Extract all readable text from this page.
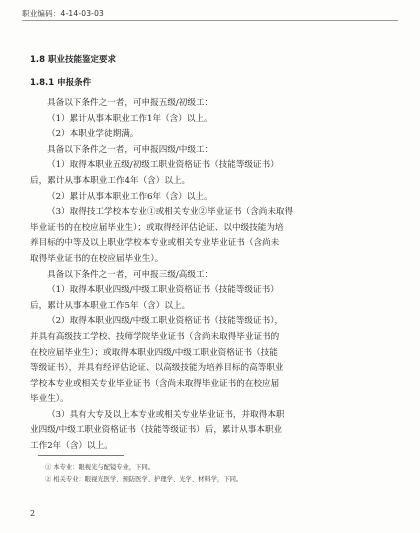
职业编码：4-14-03-03
1.8 职业技能鉴定要求
1.8.1 申报条件
具备以下条件之一者，可申报五级/初级工：
（1）累计从事本职业工作1年（含）以上。
（2）本职业学徒期满。
具备以下条件之一者，可申报四级/中级工：
（1）取得本职业五级/初级工职业资格证书（技能等级证书）
后，累计从事本职业工作4年（含）以上。
（2）累计从事本职业工作6年（含）以上。
（3）取得技工学校本专业①或相关专业②毕业证书（含尚未取得
毕业证书的在校应届毕业生）；或取得经评估论证、以中级技能为培
养目标的中等及以上职业学校本专业或相关专业毕业证书（含尚未
取得毕业证书的在校应届毕业生）。
具备以下条件之一者，可申报三级/高级工：
（1）取得本职业四级/中级工职业资格证书（技能等级证书）
后，累计从事本职业工作5年（含）以上。
（2）取得本职业四级/中级工职业资格证书（技能等级证书），
并具有高级技工学校、技师学院毕业证书（含尚未取得毕业证书的
在校应届毕业生）；或取得本职业四级/中级工职业资格证书（技能
等级证书），并具有经评估论证、以高级技能为培养目标的高等职业
学校本专业或相关专业毕业证书（含尚未取得毕业证书的在校应届
毕业生）。
（3）具有大专及以上本专业或相关专业毕业证书，并取得本职
业四级/中级工职业资格证书（技能等级证书）后，累计从事本职业
工作2年（含）以上。
① 本专业：眼视光与配镜专业，下同。
② 相关专业：眼视光医学、预防医学、护理学、光学、材料学，下同。
2
